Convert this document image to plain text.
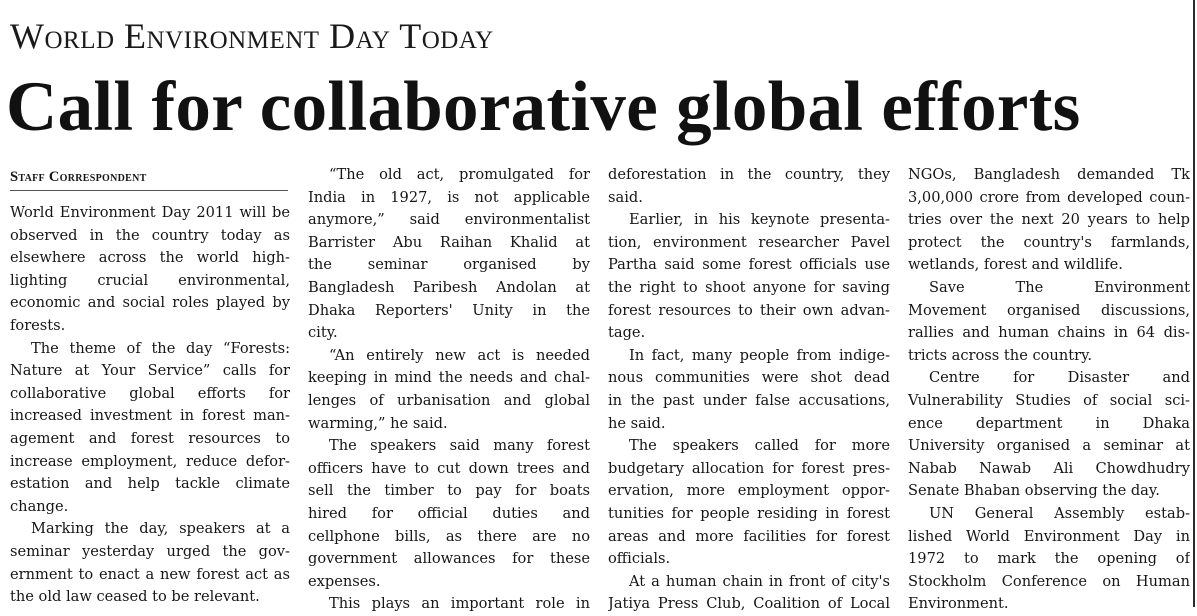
World Environment Day Today
Call for collaborative global efforts
Staff Correspondent
World Environment Day 2011 will be
observed in the country today as
elsewhere across the world high-
lighting crucial environmental,
economic and social roles played by
forests.
The theme of the day “Forests:
Nature at Your Service” calls for
collaborative global efforts for
increased investment in forest man-
agement and forest resources to
increase employment, reduce defor-
estation and help tackle climate
change.
Marking the day, speakers at a
seminar yesterday urged the gov-
ernment to enact a new forest act as
the old law ceased to be relevant.
“The old act, promulgated for
India in 1927, is not applicable
anymore,” said environmentalist
Barrister Abu Raihan Khalid at
the seminar organised by
Bangladesh Paribesh Andolan at
Dhaka Reporters' Unity in the
city.
“An entirely new act is needed
keeping in mind the needs and chal-
lenges of urbanisation and global
warming,” he said.
The speakers said many forest
officers have to cut down trees and
sell the timber to pay for boats
hired for official duties and
cellphone bills, as there are no
government allowances for these
expenses.
This plays an important role in
deforestation in the country, they
said.
Earlier, in his keynote presenta-
tion, environment researcher Pavel
Partha said some forest officials use
the right to shoot anyone for saving
forest resources to their own advan-
tage.
In fact, many people from indige-
nous communities were shot dead
in the past under false accusations,
he said.
The speakers called for more
budgetary allocation for forest pres-
ervation, more employment oppor-
tunities for people residing in forest
areas and more facilities for forest
officials.
At a human chain in front of city's
Jatiya Press Club, Coalition of Local
NGOs, Bangladesh demanded Tk
3,00,000 crore from developed coun-
tries over the next 20 years to help
protect the country's farmlands,
wetlands, forest and wildlife.
Save The Environment
Movement organised discussions,
rallies and human chains in 64 dis-
tricts across the country.
Centre for Disaster and
Vulnerability Studies of social sci-
ence department in Dhaka
University organised a seminar at
Nabab Nawab Ali Chowdhudry
Senate Bhaban observing the day.
UN General Assembly estab-
lished World Environment Day in
1972 to mark the opening of
Stockholm Conference on Human
Environment.
